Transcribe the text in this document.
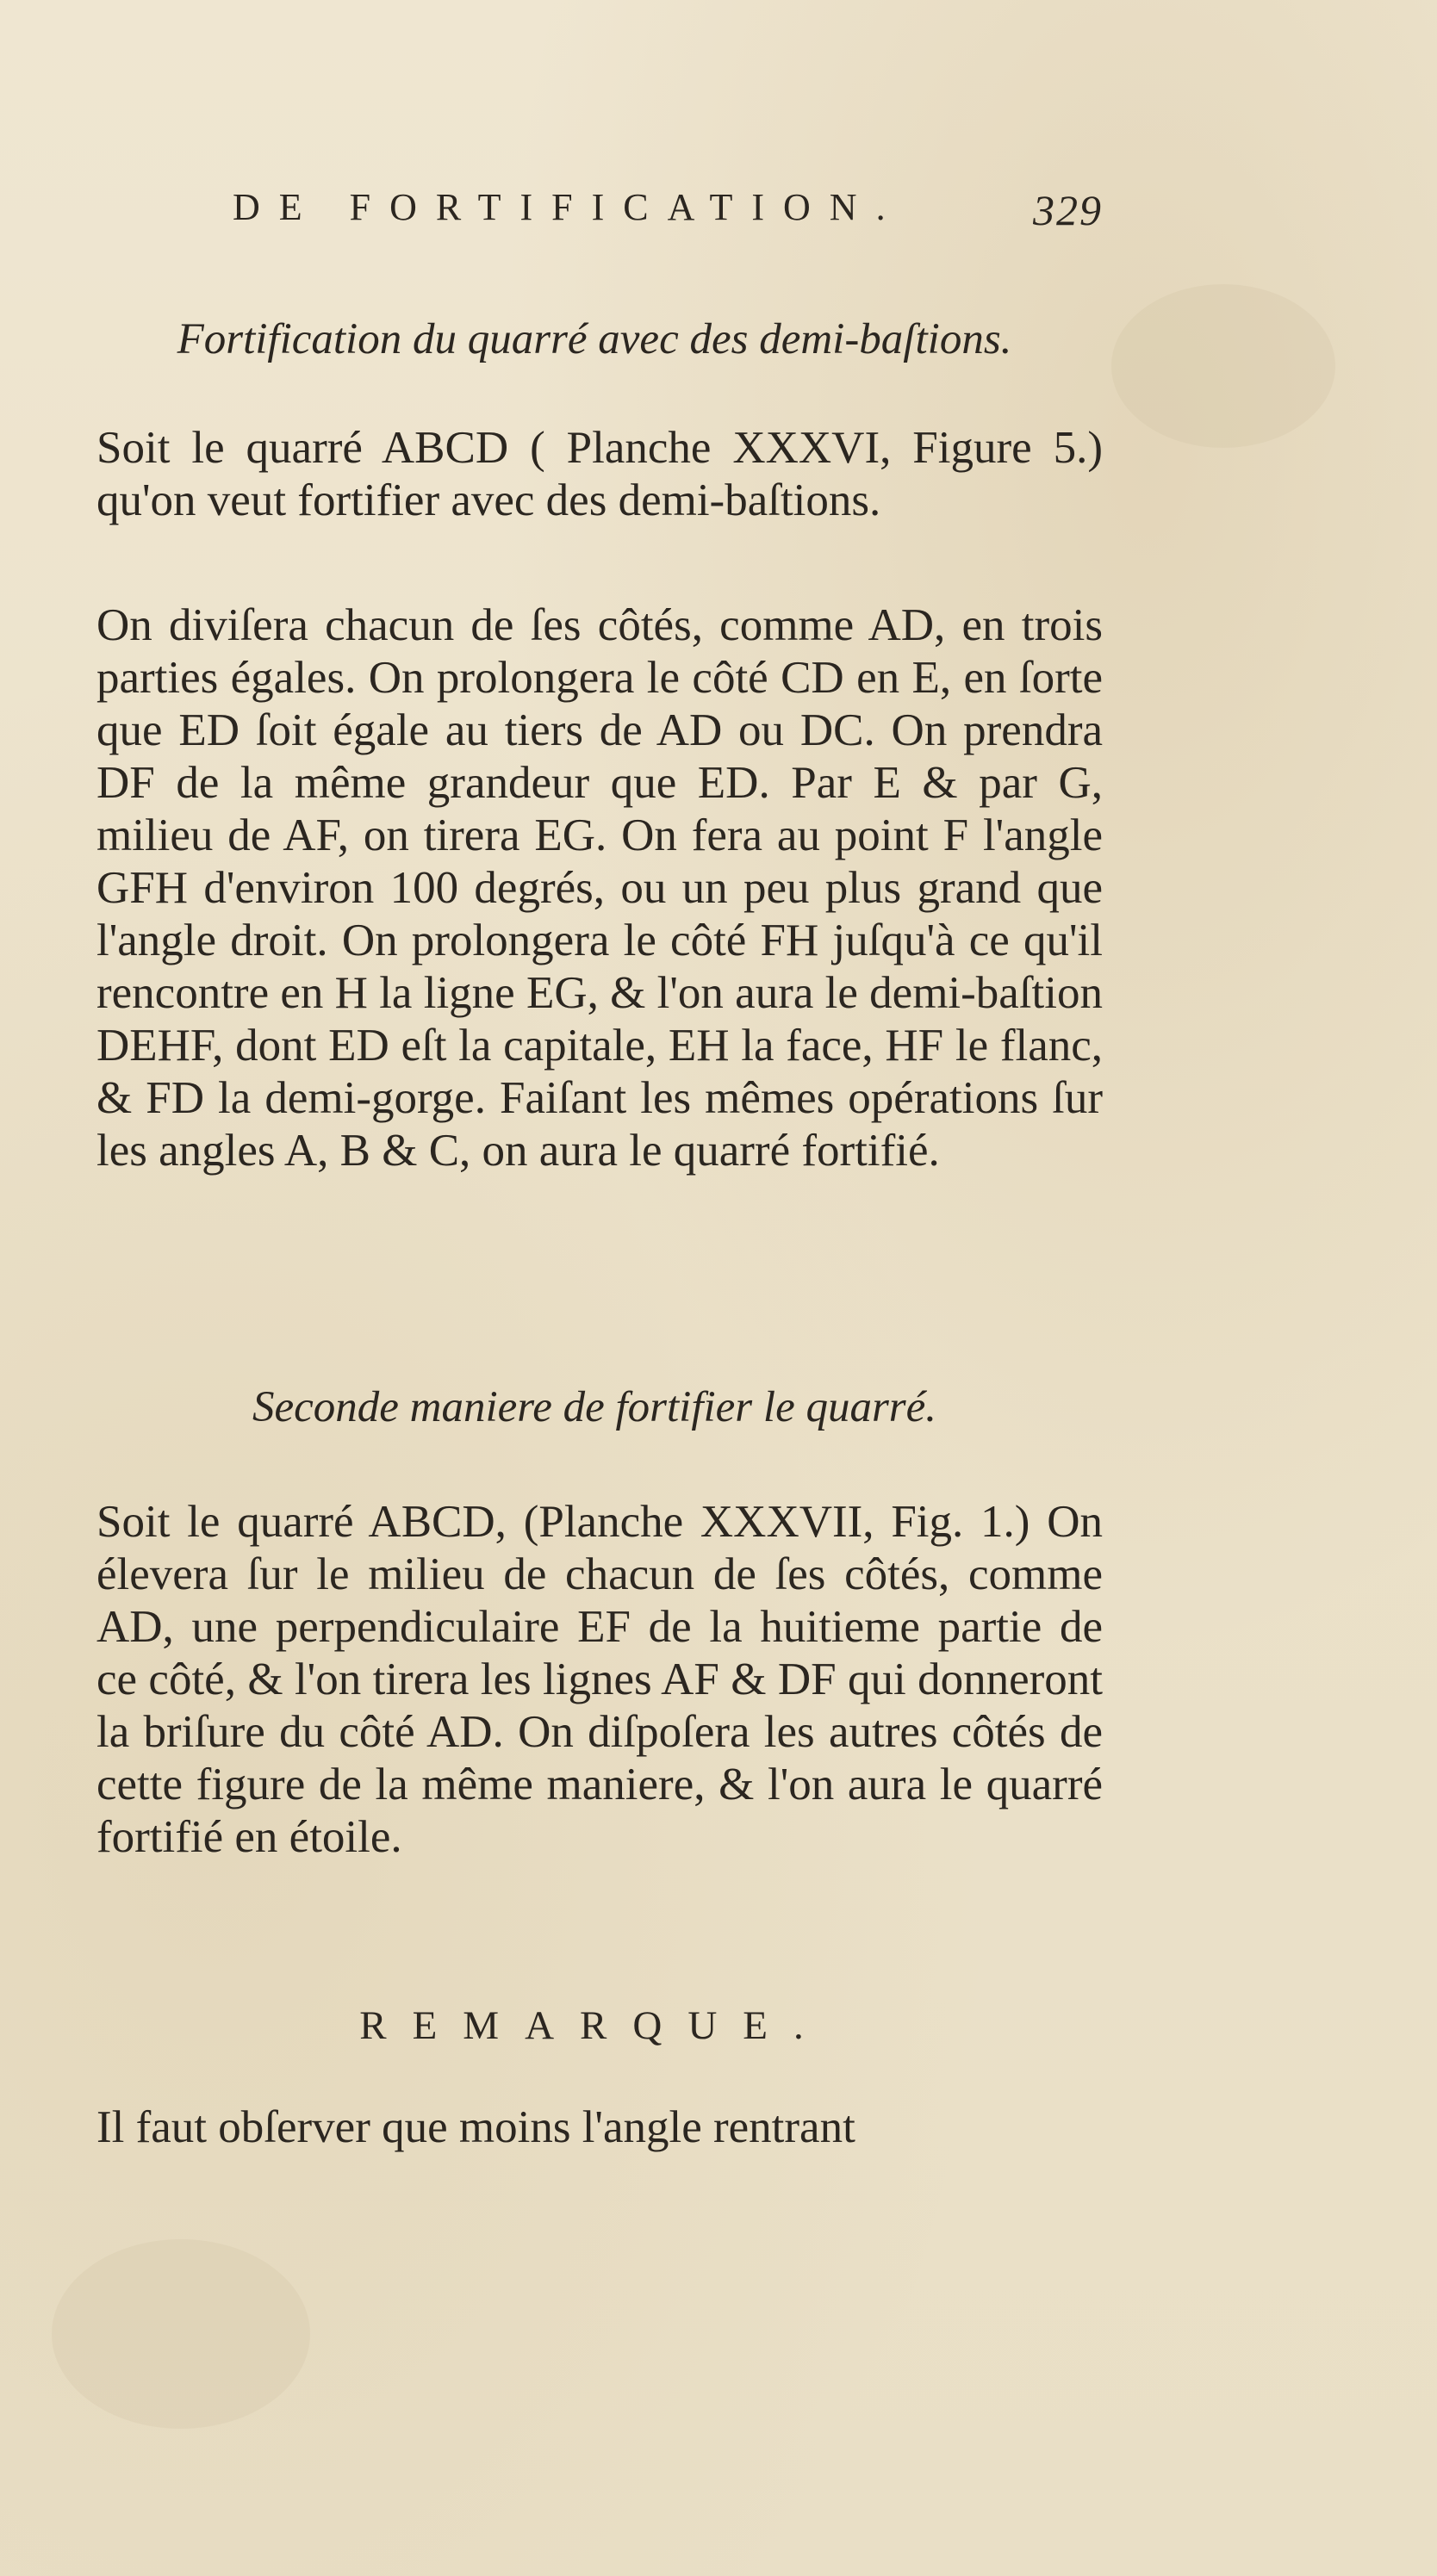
DE FORTIFICATION.	329
Fortification du quarré avec des demi-baſtions.

Soit le quarré ABCD ( Planche XXXVI, Figure 5.) qu'on veut fortifier avec des demi-baſtions.

On diviſera chacun de ſes côtés, comme AD, en trois parties égales. On prolongera le côté CD en E, en ſorte que ED ſoit égale au tiers de AD ou DC. On prendra DF de la même grandeur que ED. Par E & par G, milieu de AF, on tirera EG. On fera au point F l'angle GFH d'environ 100 degrés, ou un peu plus grand que l'angle droit. On prolongera le côté FH juſqu'à ce qu'il rencontre en H la ligne EG, & l'on aura le demi-baſtion DEHF, dont ED eſt la capitale, EH la face, HF le flanc, & FD la demi-gorge. Faiſant les mêmes opérations ſur les angles A, B & C, on aura le quarré fortifié.

Seconde maniere de fortifier le quarré.

Soit le quarré ABCD, (Planche XXXVII, Fig. 1.) On élevera ſur le milieu de chacun de ſes côtés, comme AD, une perpendiculaire EF de la huitieme partie de ce côté, & l'on tirera les lignes AF & DF qui donneront la briſure du côté AD. On diſpoſera les autres côtés de cette figure de la même maniere, & l'on aura le quarré fortifié en étoile.

REMARQUE.

Il faut obſerver que moins l'angle rentrant
